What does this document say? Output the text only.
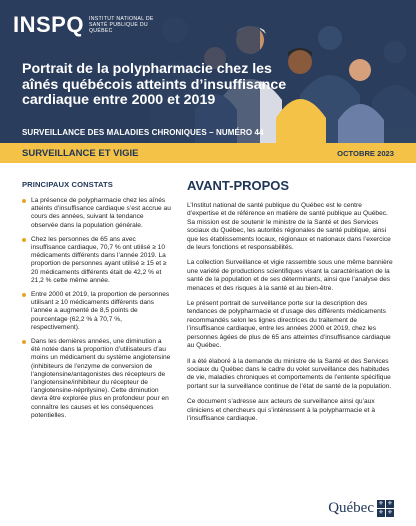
INSPQ INSTITUT NATIONAL DE SANTÉ PUBLIQUE DU QUÉBEC
Portrait de la polypharmacie chez les aînés québécois atteints d’insuffisance cardiaque entre 2000 et 2019
SURVEILLANCE DES MALADIES CHRONIQUES – NUMÉRO 44
SURVEILLANCE ET VIGIE	OCTOBRE 2023
PRINCIPAUX CONSTATS
La présence de polypharmacie chez les aînés atteints d’insuffisance cardiaque s’est accrue au cours des années, suivant la tendance observée dans la population générale.
Chez les personnes de 65 ans avec insuffisance cardiaque, 70,7 % ont utilisé ≥ 10 médicaments différents dans l’année 2019. La proportion de personnes ayant utilisé ≥ 15 et ≥ 20 médicaments différents était de 42,2 % et 21,2 % cette même année.
Entre 2000 et 2019, la proportion de personnes utilisant ≥ 10 médicaments différents dans l’année a augmenté de 8,5 points de pourcentage (62,2 % à 70,7 %, respectivement).
Dans les dernières années, une diminution a été notée dans la proportion d’utilisateurs d’au moins un médicament du système angiotensine (inhibiteurs de l’enzyme de conversion de l’angiotensine/antagonistes des récepteurs de l’angiotensine/inhibiteur du récepteur de l’angiotensine-néprilysine). Cette diminution devra être explorée plus en profondeur pour en connaître les causes et les conséquences potentielles.
AVANT-PROPOS

L’Institut national de santé publique du Québec est le centre d’expertise et de référence en matière de santé publique au Québec. Sa mission est de soutenir le ministre de la Santé et des Services sociaux du Québec, les autorités régionales de santé publique, ainsi que les établissements locaux, régionaux et nationaux dans l’exercice de leurs fonctions et responsabilités.

La collection Surveillance et vigie rassemble sous une même bannière une variété de productions scientifiques visant la caractérisation de la santé de la population et de ses déterminants, ainsi que l’analyse des menaces et des risques à la santé et au bien-être.

Le présent portrait de surveillance porte sur la description des tendances de polypharmacie et d’usage des différents médicaments recommandés selon les lignes directrices du traitement de l’insuffisance cardiaque, entre les années 2000 et 2019, chez les personnes âgées de plus de 65 ans atteintes d’insuffisance cardiaque au Québec.

Il a été élaboré à la demande du ministre de la Santé et des Services sociaux du Québec dans le cadre du volet surveillance des habitudes de vie, maladies chroniques et comportements de l’entente spécifique portant sur la surveillance continue de l’état de santé de la population.

Ce document s’adresse aux acteurs de surveillance ainsi qu’aux cliniciens et chercheurs qui s’intéressent à la polypharmacie et à l’insuffisance cardiaque.

Québec ⚜ ⚜
⚜ ⚜
